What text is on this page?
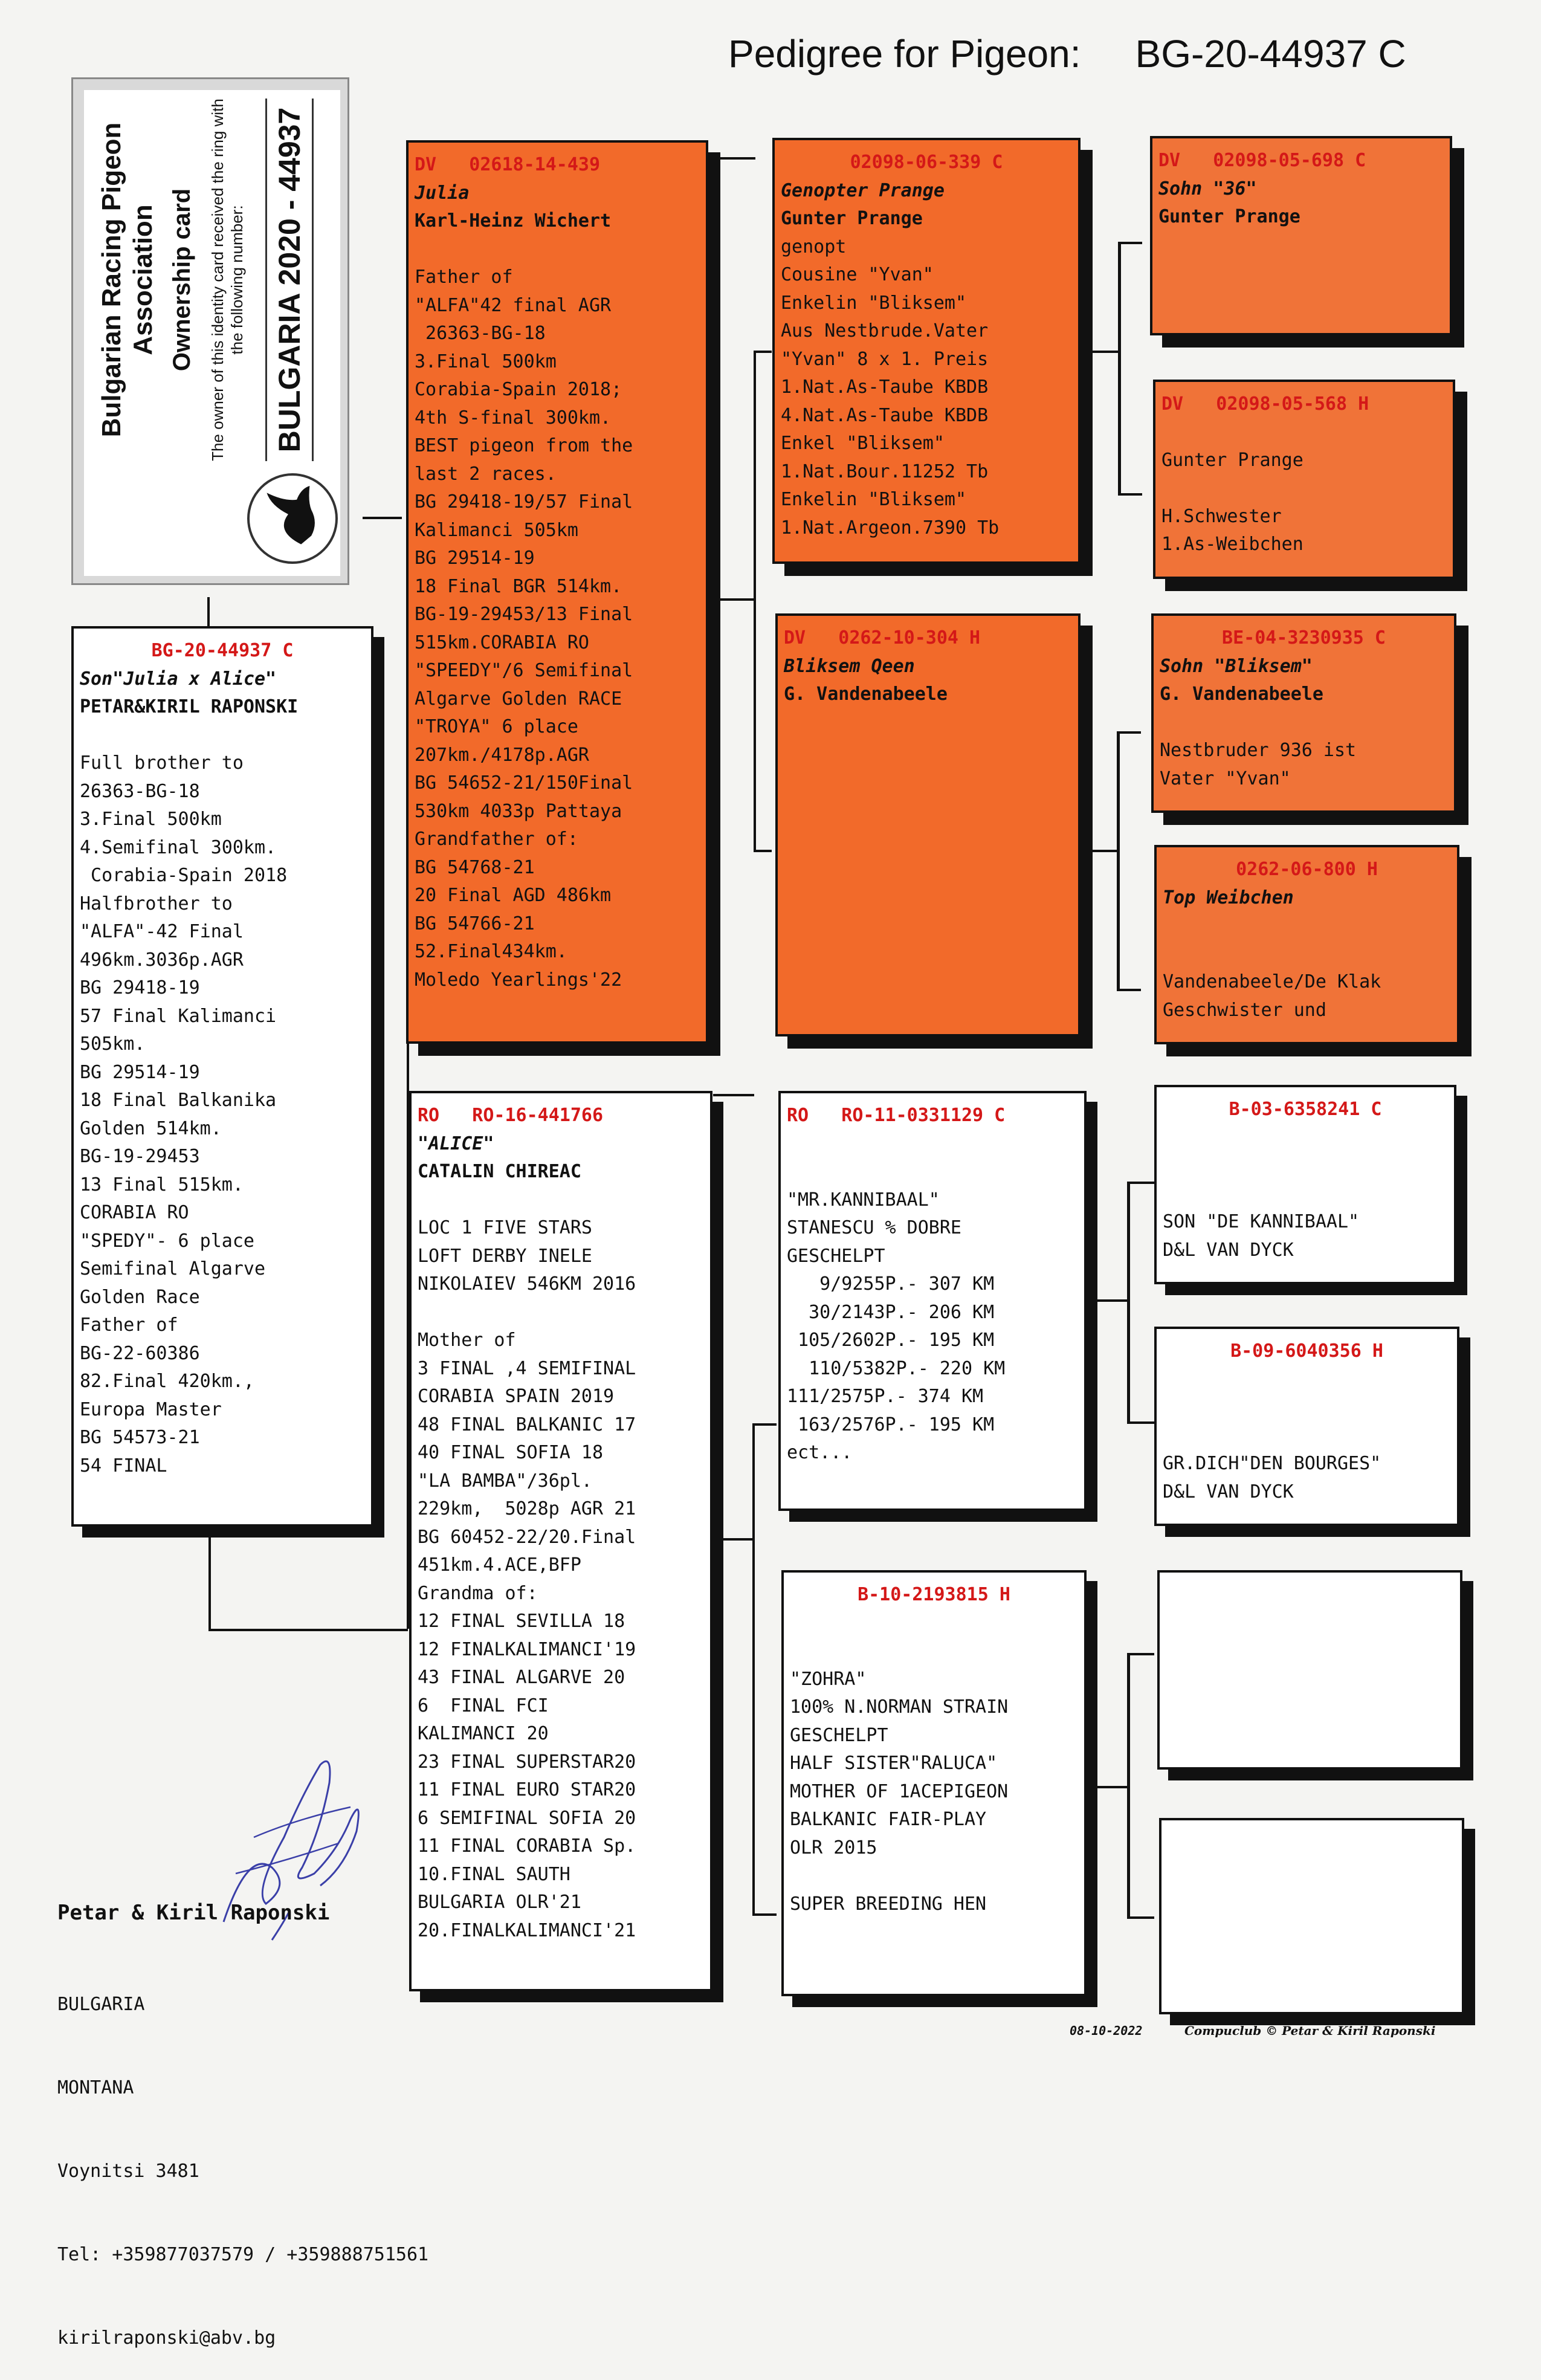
Pedigree for Pigeon: BG-20-44937 C
Bulgarian Racing Pigeon Association Ownership card The owner of this identity card received the ring with the following number: BULGARIA 2020 - 44937
BG-20-44937 C
Son"Julia x Alice"
PETAR&KIRIL RAPONSKI

Full brother to
26363-BG-18
3.Final 500km
4.Semifinal 300km.
Corabia-Spain 2018
Halfbrother to
"ALFA"-42 Final
496km.3036p.AGR
BG 29418-19
57 Final Kalimanci
505km.
BG 29514-19
18 Final Balkanika
Golden 514km.
BG-19-29453
13 Final 515km.
CORABIA RO
"SPEDY"- 6 place
Semifinal Algarve
Golden Race
Father of
BG-22-60386
82.Final 420km.,
Europa Master
BG 54573-21
54 FINAL
DV   02618-14-439
Julia
Karl-Heinz Wichert

Father of
"ALFA"42 final AGR
26363-BG-18
3.Final 500km
Corabia-Spain 2018;
4th S-final 300km.
BEST pigeon from the
last 2 races.
BG 29418-19/57 Final
Kalimanci 505km
BG 29514-19
18 Final BGR 514km.
BG-19-29453/13 Final
515km.CORABIA RO
"SPEEDY"/6 Semifinal
Algarve Golden RACE
"TROYA" 6 place
207km./4178p.AGR
BG 54652-21/150Final
530km 4033p Pattaya
Grandfather of:
BG 54768-21
20 Final AGD 486km
BG 54766-21
52.Final434km.
Moledo Yearlings'22
RO   RO-16-441766
"ALICE"
CATALIN CHIREAC

LOC 1 FIVE STARS
LOFT DERBY INELE
NIKOLAIEV 546KM 2016

Mother of
3 FINAL ,4 SEMIFINAL
CORABIA SPAIN 2019
48 FINAL BALKANIC 17
40 FINAL SOFIA 18
"LA BAMBA"/36pl.
229km,  5028p AGR 21
BG 60452-22/20.Final
451km.4.ACE,BFP
Grandma of:
12 FINAL SEVILLA 18
12 FINALKALIMANCI'19
43 FINAL ALGARVE 20
6  FINAL FCI
KALIMANCI 20
23 FINAL SUPERSTAR20
11 FINAL EURO STAR20
6 SEMIFINAL SOFIA 20
11 FINAL CORABIA Sp.
10.FINAL SAUTH
BULGARIA OLR'21
20.FINALKALIMANCI'21
02098-06-339 C
Genopter Prange
Gunter Prange
genopt
Cousine "Yvan"
Enkelin "Bliksem"
Aus Nestbrude.Vater
"Yvan" 8 x 1. Preis
1.Nat.As-Taube KBDB
4.Nat.As-Taube KBDB
Enkel "Bliksem"
1.Nat.Bour.11252 Tb
Enkelin "Bliksem"
1.Nat.Argeon.7390 Tb
DV   0262-10-304 H
Bliksem Qeen
G. Vandenabeele
RO   RO-11-0331129 C

"MR.KANNIBAAL"
STANESCU % DOBRE
GESCHELPT
9/9255P.- 307 KM
30/2143P.- 206 KM
105/2602P.- 195 KM
110/5382P.- 220 KM
111/2575P.- 374 KM
163/2576P.- 195 KM
ect...
B-10-2193815 H

"ZOHRA"
100% N.NORMAN STRAIN
GESCHELPT
HALF SISTER"RALUCA"
MOTHER OF 1ACEPIGEON
BALKANIC FAIR-PLAY
OLR 2015

SUPER BREEDING HEN
DV   02098-05-698 C
Sohn "36"
Gunter Prange
DV   02098-05-568 H
Gunter Prange

H.Schwester
1.As-Weibchen
BE-04-3230935 C
Sohn "Bliksem"
G. Vandenabeele

Nestbruder 936 ist
Vater "Yvan"
0262-06-800 H
Top Weibchen

Vandenabeele/De Klak
Geschwister und
B-03-6358241 C

SON "DE KANNIBAAL"
D&L VAN DYCK
B-09-6040356 H

GR.DICH"DEN BOURGES"
D&L VAN DYCK

Petar & Kiril Raponski

BULGARIA

MONTANA

Voynitsi 3481

Tel: +359877037579 / +359888751561

kirilraponski@abv.bg

08-10-2022	Compuclub © Petar & Kiril Raponski
